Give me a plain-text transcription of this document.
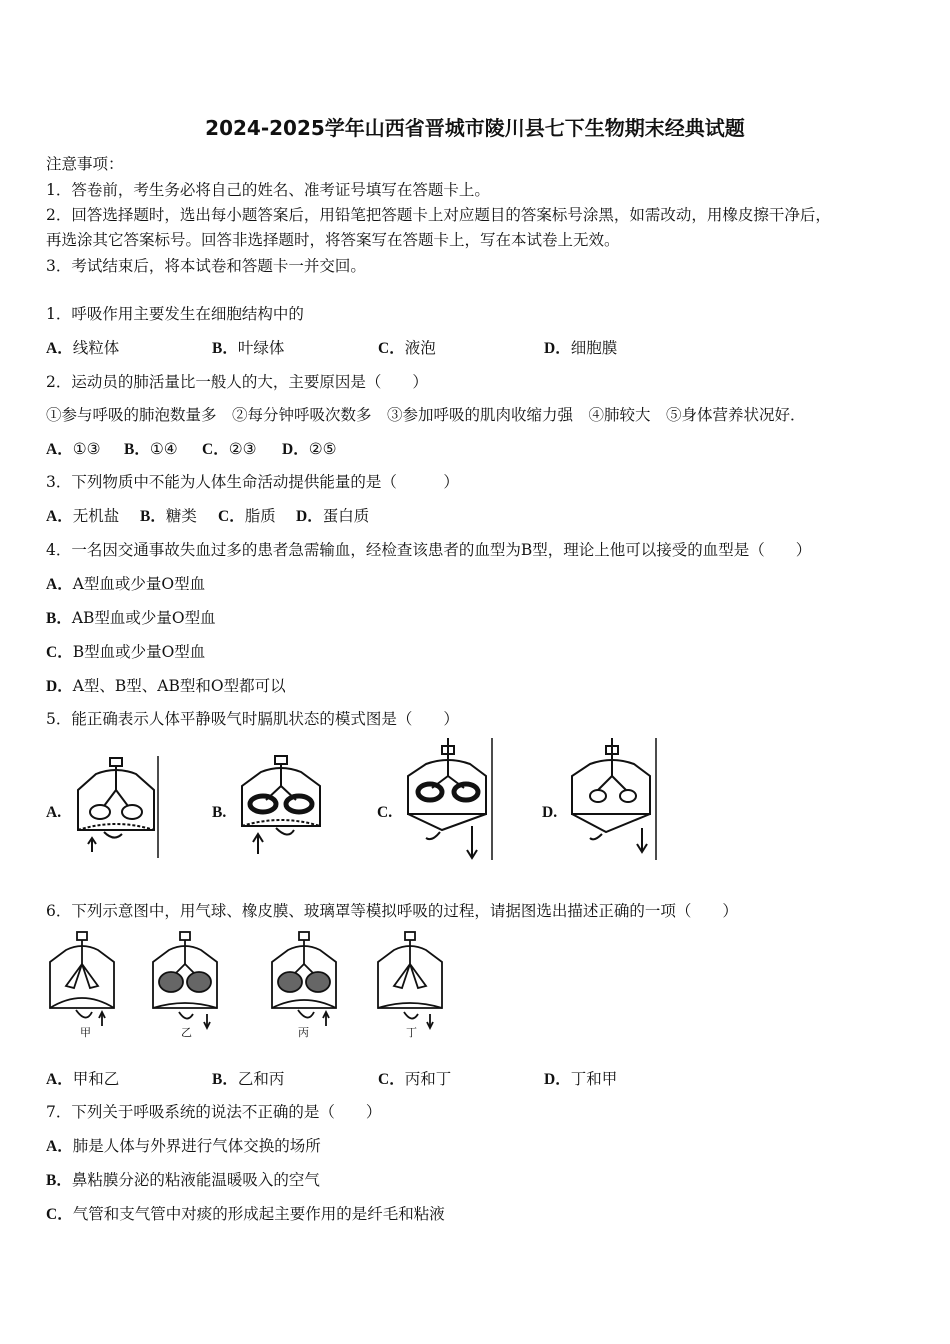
2024-2025学年山西省晋城市陵川县七下生物期末经典试题
注意事项：
1．答卷前，考生务必将自己的姓名、准考证号填写在答题卡上。
2．回答选择题时，选出每小题答案后，用铅笔把答题卡上对应题目的答案标号涂黑，如需改动，用橡皮擦干净后，
再选涂其它答案标号。回答非选择题时，将答案写在答题卡上，写在本试卷上无效。
3．考试结束后，将本试卷和答题卡一并交回。
1．呼吸作用主要发生在细胞结构中的
A．线粒体	B．叶绿体	C．液泡	D．细胞膜
2．运动员的肺活量比一般人的大，主要原因是（　　）
①参与呼吸的肺泡数量多　②每分钟呼吸次数多　③参加呼吸的肌肉收缩力强　④肺较大　⑤身体营养状况好．
A．①③ B．①④ C．②③ D．②⑤
3．下列物质中不能为人体生命活动提供能量的是（　　　）
A．无机盐 B．糖类 C．脂质 D．蛋白质
4．一名因交通事故失血过多的患者急需输血，经检查该患者的血型为B型，理论上他可以接受的血型是（　　）
A．A型血或少量O型血
B．AB型血或少量O型血
C．B型血或少量O型血
D．A型、B型、AB型和O型都可以
5．能正确表示人体平静吸气时膈肌状态的模式图是（　　）
A.	B.	C.	D.
6．下列示意图中，用气球、橡皮膜、玻璃罩等模拟呼吸的过程，请据图选出描述正确的一项（　　）
甲	乙	丙	丁
A．甲和乙	B．乙和丙	C．丙和丁	D．丁和甲
7．下列关于呼吸系统的说法不正确的是（　　）
A．肺是人体与外界进行气体交换的场所
B．鼻粘膜分泌的粘液能温暖吸入的空气
C．气管和支气管中对痰的形成起主要作用的是纤毛和粘液
